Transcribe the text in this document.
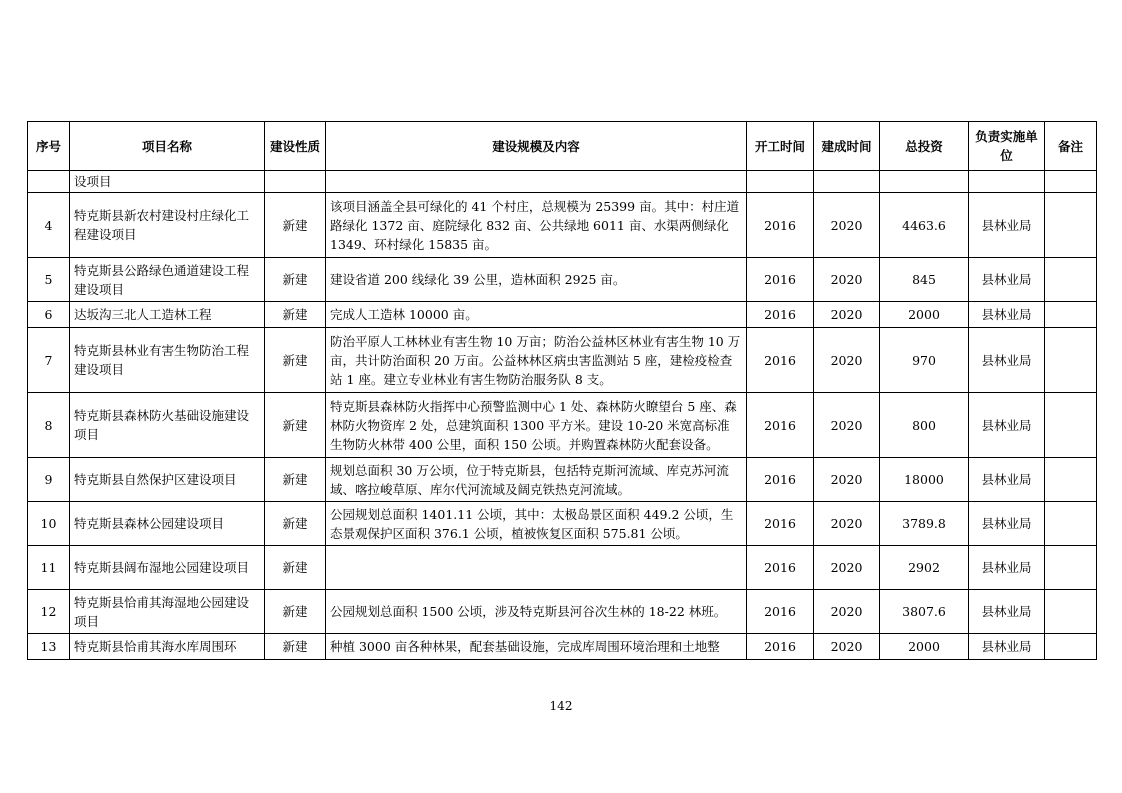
序号	项目名称	建设性质	建设规模及内容	开工时间	建成时间	总投资	负责实施单位	备注
	设项目							
4	特克斯县新农村建设村庄绿化工程建设项目	新建	该项目涵盖全县可绿化的 41 个村庄，总规模为 25399 亩。其中：村庄道路绿化 1372 亩、庭院绿化 832 亩、公共绿地 6011 亩、水渠两侧绿化 1349、环村绿化 15835 亩。	2016	2020	4463.6	县林业局	
5	特克斯县公路绿色通道建设工程建设项目	新建	建设省道 200 线绿化 39 公里，造林面积 2925 亩。	2016	2020	845	县林业局	
6	达坂沟三北人工造林工程	新建	完成人工造林 10000 亩。	2016	2020	2000	县林业局	
7	特克斯县林业有害生物防治工程建设项目	新建	防治平原人工林林业有害生物 10 万亩；防治公益林区林业有害生物 10 万亩，共计防治面积 20 万亩。公益林林区病虫害监测站 5 座，建检疫检查站 1 座。建立专业林业有害生物防治服务队 8 支。	2016	2020	970	县林业局	
8	特克斯县森林防火基础设施建设项目	新建	特克斯县森林防火指挥中心预警监测中心 1 处、森林防火瞭望台 5 座、森林防火物资库 2 处，总建筑面积 1300 平方米。建设 10-20 米宽高标准生物防火林带 400 公里，面积 150 公顷。并购置森林防火配套设备。	2016	2020	800	县林业局	
9	特克斯县自然保护区建设项目	新建	规划总面积 30 万公顷，位于特克斯县，包括特克斯河流域、库克苏河流域、喀拉峻草原、库尔代河流域及阔克铁热克河流域。	2016	2020	18000	县林业局	
10	特克斯县森林公园建设项目	新建	公园规划总面积 1401.11 公顷，其中：太极岛景区面积 449.2 公顷，生态景观保护区面积 376.1 公顷，植被恢复区面积 575.81 公顷。	2016	2020	3789.8	县林业局	
11	特克斯县阔布湿地公园建设项目	新建		2016	2020	2902	县林业局	
12	特克斯县恰甫其海湿地公园建设项目	新建	公园规划总面积 1500 公顷，涉及特克斯县河谷次生林的 18-22 林班。	2016	2020	3807.6	县林业局	
13	特克斯县恰甫其海水库周围环	新建	种植 3000 亩各种林果，配套基础设施，完成库周围环境治理和土地整	2016	2020	2000	县林业局	
142
